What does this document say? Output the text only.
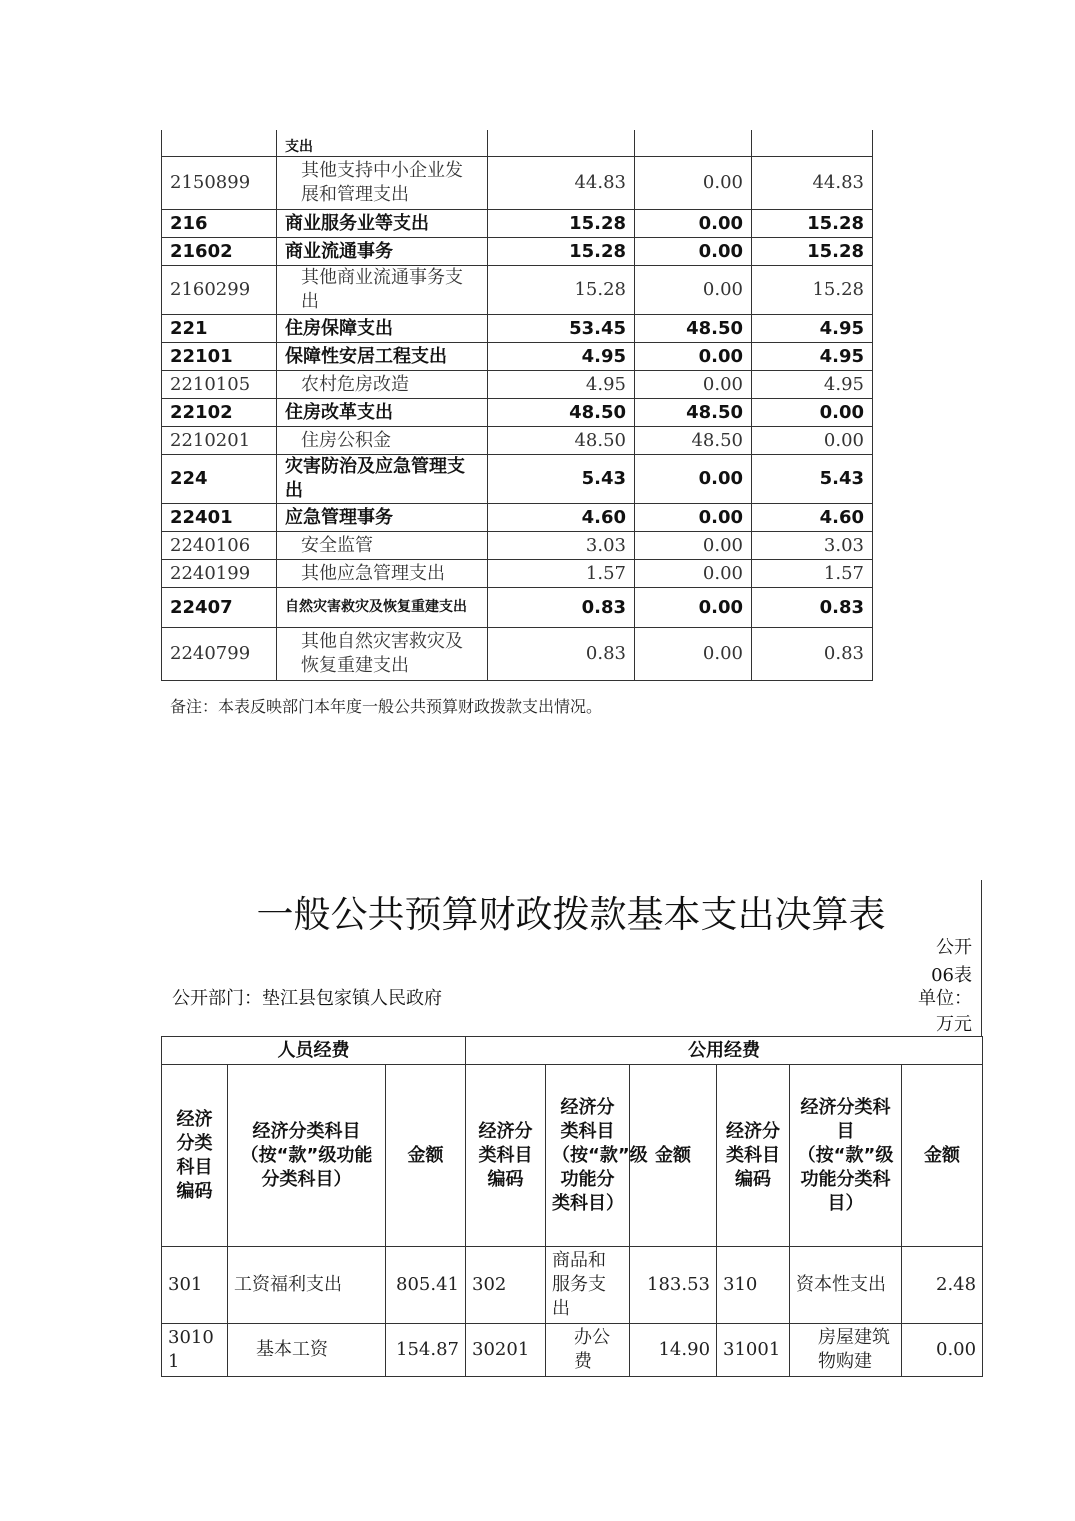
	支出			
2150899	其他支持中小企业发展和管理支出	44.83	0.00	44.83
216	商业服务业等支出	15.28	0.00	15.28
21602	商业流通事务	15.28	0.00	15.28
2160299	其他商业流通事务支出	15.28	0.00	15.28
221	住房保障支出	53.45	48.50	4.95
22101	保障性安居工程支出	4.95	0.00	4.95
2210105	农村危房改造	4.95	0.00	4.95
22102	住房改革支出	48.50	48.50	0.00
2210201	住房公积金	48.50	48.50	0.00
224	灾害防治及应急管理支出	5.43	0.00	5.43
22401	应急管理事务	4.60	0.00	4.60
2240106	安全监管	3.03	0.00	3.03
2240199	其他应急管理支出	1.57	0.00	1.57
22407	自然灾害救灾及恢复重建支出	0.83	0.00	0.83
2240799	其他自然灾害救灾及恢复重建支出	0.83	0.00	0.83
备注：本表反映部门本年度一般公共预算财政拨款支出情况。
一般公共预算财政拨款基本支出决算表
公开06表
公开部门：垫江县包家镇人民政府	单位：万元
人员经费			公用经费					
经济分类科目编码	经济分类科目（按“款”级功能分类科目）	金额	经济分类科目编码	经济分类科目（按“款”级功能分类科目）	金额	经济分类科目编码	经济分类科目（按“款”级功能分类科目）	金额
301	工资福利支出	805.41	302	商品和服务支出	183.53	310	资本性支出	2.48
30101	基本工资	154.87	30201	办公费	14.90	31001	房屋建筑物购建	0.00
